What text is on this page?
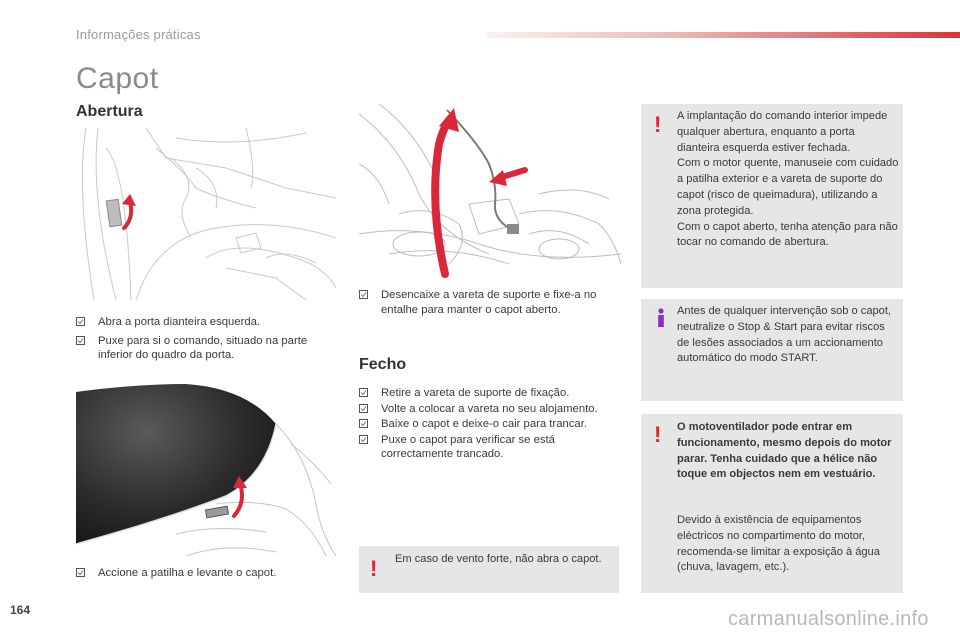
Informações práticas
Capot
Abertura
Abra a porta dianteira esquerda.
Puxe para si o comando, situado na parte inferior do quadro da porta.
Accione a patilha e levante o capot.
Desencaixe a vareta de suporte e fixe-a no entalhe para manter o capot aberto.
Fecho
Retire a vareta de suporte de fixação.
Volte a colocar a vareta no seu alojamento.
Baixe o capot e deixe-o cair para trancar.
Puxe o capot para verificar se está correctamente trancado.
! Em caso de vento forte, não abra o capot.
! A implantação do comando interior impede qualquer abertura, enquanto a porta dianteira esquerda estiver fechada.
Com o motor quente, manuseie com cuidado a patilha exterior e a vareta de suporte do capot (risco de queimadura), utilizando a zona protegida.
Com o capot aberto, tenha atenção para não tocar no comando de abertura.
Antes de qualquer intervenção sob o capot, neutralize o Stop & Start para evitar riscos de lesões associados a um accionamento automático do modo START.
! O motoventilador pode entrar em funcionamento, mesmo depois do motor parar. Tenha cuidado que a hélice não toque em objectos nem em vestuário.
Devido à existência de equipamentos eléctricos no compartimento do motor, recomenda-se limitar a exposição à água (chuva, lavagem, etc.).
164	carmanualsonline.info
